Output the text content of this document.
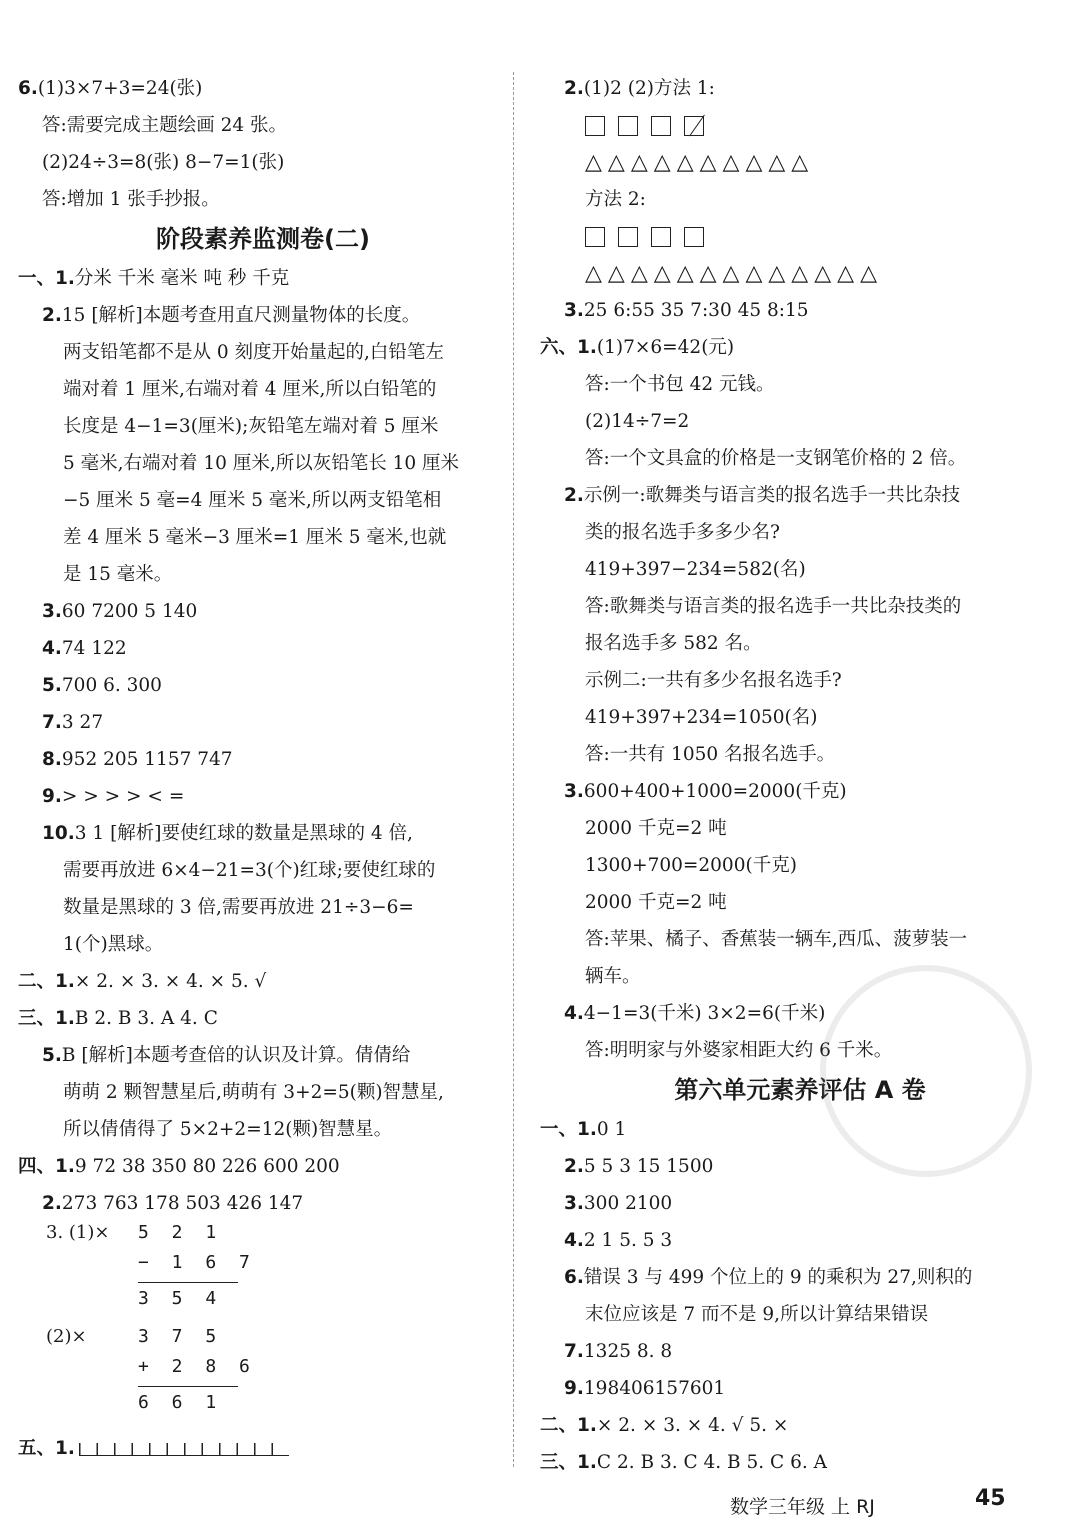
6.(1)3×7+3=24(张)
答:需要完成主题绘画 24 张。
(2)24÷3=8(张) 8−7=1(张)
答:增加 1 张手抄报。
阶段素养监测卷(二)
一、1.分米 千米 毫米 吨 秒 千克
2.15 [解析]本题考查用直尺测量物体的长度。
两支铅笔都不是从 0 刻度开始量起的,白铅笔左
端对着 1 厘米,右端对着 4 厘米,所以白铅笔的
长度是 4−1=3(厘米);灰铅笔左端对着 5 厘米
5 毫米,右端对着 10 厘米,所以灰铅笔长 10 厘米
−5 厘米 5 毫=4 厘米 5 毫米,所以两支铅笔相
差 4 厘米 5 毫米−3 厘米=1 厘米 5 毫米,也就
是 15 毫米。
3.60 7200 5 140
4.74 122
5.700 6. 300
7.3 27
8.952 205 1157 747
9.> > > > < =
10.3 1 [解析]要使红球的数量是黑球的 4 倍,
需要再放进 6×4−21=3(个)红球;要使红球的
数量是黑球的 3 倍,需要再放进 21÷3−6=
1(个)黑球。
二、1.× 2. × 3. × 4. × 5. √
三、1.B 2. B 3. A 4. C
5.B [解析]本题考查倍的认识及计算。倩倩给
萌萌 2 颗智慧星后,萌萌有 3+2=5(颗)智慧星,
所以倩倩得了 5×2+2=12(颗)智慧星。
四、1.9 72 38 350 80 226 600 200
2.273 763 178 503 426 147
3. (1)× 5 2 1
− 1 6 7
3 5 4
(2)×	3 7 5
+ 2 8 6
6 6 1
五、1.
2.(1)2 (2)方法 1:
△ △ △ △ △ △ △ △ △ △
方法 2:
△ △ △ △ △ △ △ △ △ △ △ △ △
3.25 6:55 35 7:30 45 8:15
六、1.(1)7×6=42(元)
答:一个书包 42 元钱。
(2)14÷7=2
答:一个文具盒的价格是一支钢笔价格的 2 倍。
2.示例一:歌舞类与语言类的报名选手一共比杂技
类的报名选手多多少名?
419+397−234=582(名)
答:歌舞类与语言类的报名选手一共比杂技类的
报名选手多 582 名。
示例二:一共有多少名报名选手?
419+397+234=1050(名)
答:一共有 1050 名报名选手。
3.600+400+1000=2000(千克)
2000 千克=2 吨
1300+700=2000(千克)
2000 千克=2 吨
答:苹果、橘子、香蕉装一辆车,西瓜、菠萝装一
辆车。
4.4−1=3(千米) 3×2=6(千米)
答:明明家与外婆家相距大约 6 千米。
第六单元素养评估 A 卷
一、1.0 1
2.5 5 3 15 1500
3.300 2100
4.2 1 5. 5 3
6.错误 3 与 499 个位上的 9 的乘积为 27,则积的
末位应该是 7 而不是 9,所以计算结果错误
7.1325 8. 8
9.198406157601
二、1.× 2. × 3. × 4. √ 5. ×
三、1.C 2. B 3. C 4. B 5. C 6. A
数学三年级 上 RJ	45
